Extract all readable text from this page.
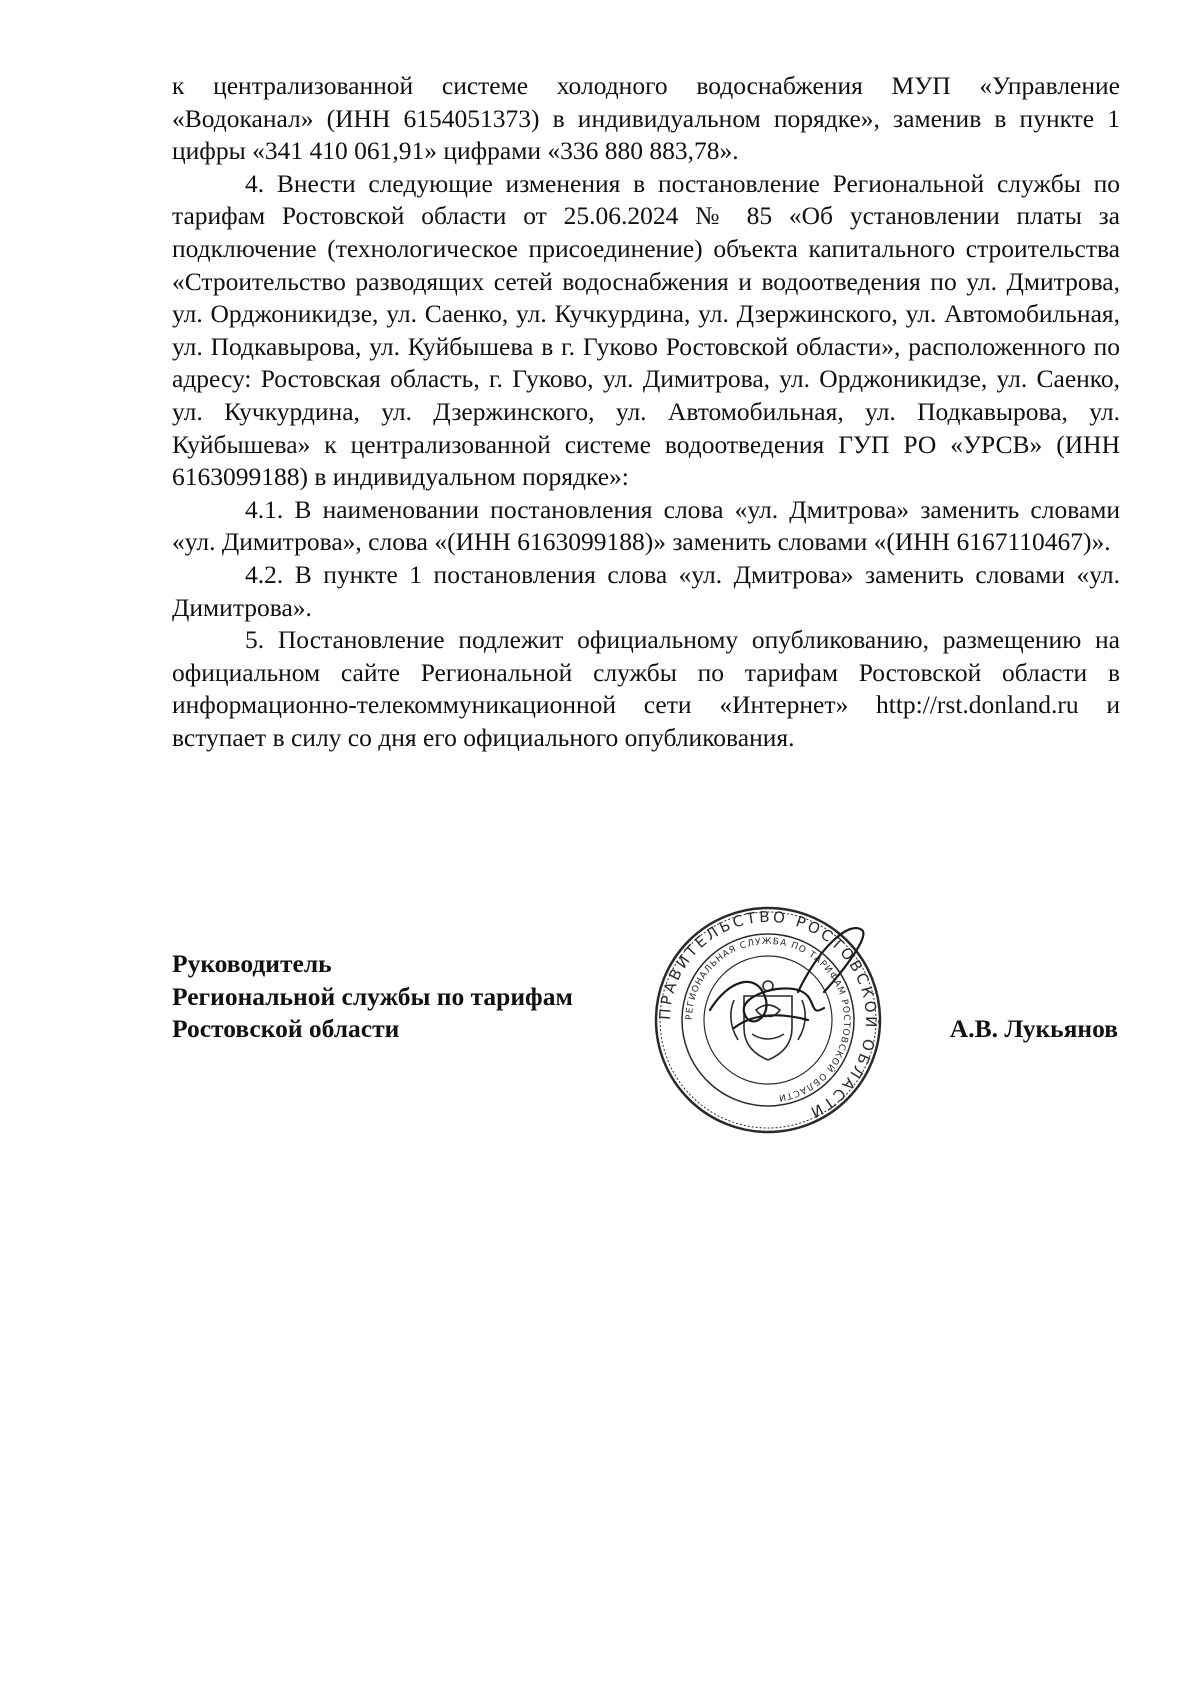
к централизованной системе холодного водоснабжения МУП «Управление «Водоканал» (ИНН 6154051373) в индивидуальном порядке», заменив в пункте 1 цифры «341 410 061,91» цифрами «336 880 883,78».

4. Внести следующие изменения в постановление Региональной службы по тарифам Ростовской области от 25.06.2024 № 85 «Об установлении платы за подключение (технологическое присоединение) объекта капитального строительства «Строительство разводящих сетей водоснабжения и водоотведения по ул. Дмитрова, ул. Орджоникидзе, ул. Саенко, ул. Кучкурдина, ул. Дзержинского, ул. Автомобильная, ул. Подкавырова, ул. Куйбышева в г. Гуково Ростовской области», расположенного по адресу: Ростовская область, г. Гуково, ул. Димитрова, ул. Орджоникидзе, ул. Саенко, ул. Кучкурдина, ул. Дзержинского, ул. Автомобильная, ул. Подкавырова, ул. Куйбышева» к централизованной системе водоотведения ГУП РО «УРСВ» (ИНН 6163099188) в индивидуальном порядке»:

4.1. В наименовании постановления слова «ул. Дмитрова» заменить словами «ул. Димитрова», слова «(ИНН 6163099188)» заменить словами «(ИНН 6167110467)».

4.2. В пункте 1 постановления слова «ул. Дмитрова» заменить словами «ул. Димитрова».

5. Постановление подлежит официальному опубликованию, размещению на официальном сайте Региональной службы по тарифам Ростовской области в информационно-телекоммуникационной сети «Интернет» http://rst.donland.ru и вступает в силу со дня его официального опубликования.

Руководитель
Региональной службы по тарифам
Ростовской области
ПРАВИТЕЛЬСТВО РОСТОВСКОЙ ОБЛАСТИ
РЕГИОНАЛЬНАЯ СЛУЖБА ПО ТАРИФАМ РОСТОВСКОЙ ОБЛАСТИ
А.В. Лукьянов
